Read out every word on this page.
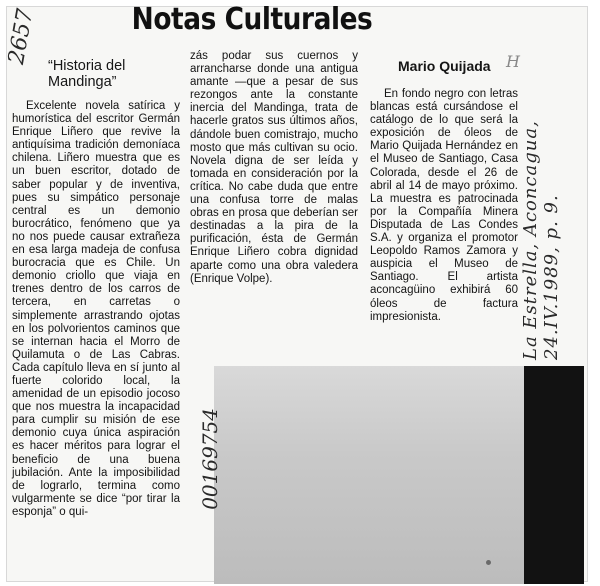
Notas Culturales
2657	H
La Estrella, Aconcagua, 24.IV.1989, p. 9.
“Historia del Mandinga”

Excelente novela satírica y humorística del escritor Germán Enrique Liñero que revive la antiquísima tradición demoníaca chilena. Liñero muestra que es un buen escritor, dotado de saber popular y de inventiva, pues su simpático personaje central es un demonio burocrático, fenómeno que ya no nos puede causar extrañeza en esa larga madeja de confusa burocracia que es Chile. Un demonio criollo que viaja en trenes dentro de los carros de tercera, en carretas o simplemente arrastrando ojotas en los polvorientos caminos que se internan hacia el Morro de Quilamuta o de Las Cabras. Cada capítulo lleva en sí junto al fuerte colorido local, la amenidad de un episodio jocoso que nos muestra la incapacidad para cumplir su misión de ese demonio cuya única aspiración es hacer méritos para lograr el beneficio de una buena jubilación. Ante la imposibilidad de lograrlo, termina como vulgarmente se dice “por tirar la esponja” o qui-

zás podar sus cuernos y arrancharse donde una antigua amante —que a pesar de sus rezongos ante la constante inercia del Mandinga, trata de hacerle gratos sus últimos años, dándole buen comistrajo, mucho mosto que más cultivan su ocio. Novela digna de ser leída y tomada en consideración por la crítica. No cabe duda que entre una confusa torre de malas obras en prosa que deberían ser destinadas a la pira de la purificación, ésta de Germán Enrique Liñero cobra dignidad aparte como una obra valedera (Enrique Volpe).

Mario Quijada

En fondo negro con letras blancas está cursándose el catálogo de lo que será la exposición de óleos de Mario Quijada Hernández en el Museo de Santiago, Casa Colorada, desde el 26 de abril al 14 de mayo próximo. La muestra es patrocinada por la Compañía Minera Disputada de Las Condes S.A. y organiza el promotor Leopoldo Ramos Zamora y auspicia el Museo de Santiago. El artista aconcagüino exhibirá 60 óleos de factura impresionista.

00169754
